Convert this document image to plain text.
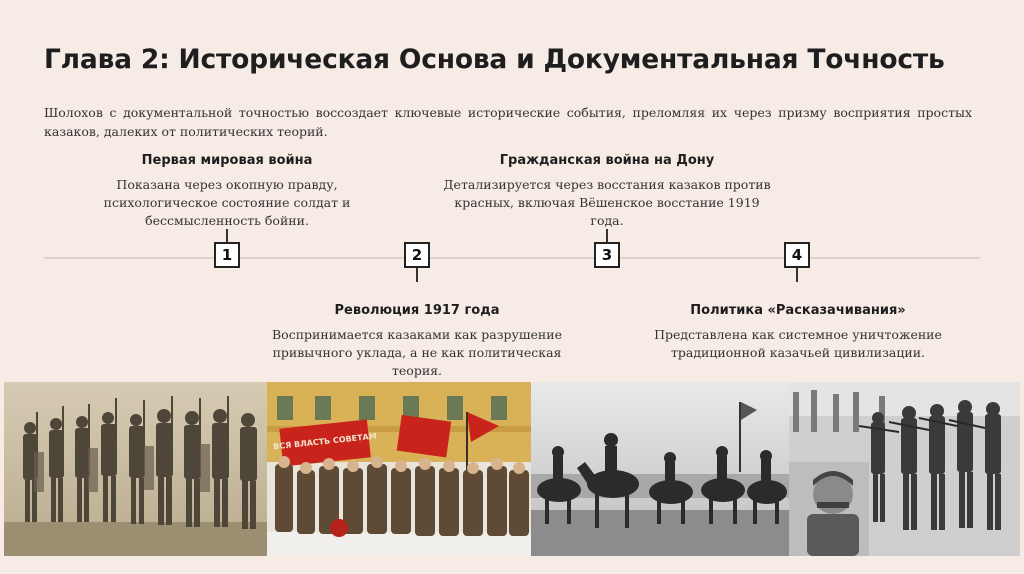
Глава 2: Историческая Основа и Документальная Точность
Шолохов с документальной точностью воссоздает ключевые исторические события, преломляя их через призму восприятия простых казаков, далеких от политических теорий.
Первая мировая война

Показана через окопную правду, психологическое состояние солдат и бессмысленность бойни.

1	2
Революция 1917 года

Воспринимается казаками как разрушение привычного уклада, а не как политическая теория.

Гражданская война на Дону

Детализируется через восстания казаков против красных, включая Вёшенское восстание 1919 года.

3	4
Политика «Расказачивания»

Представлена как системное уничтожение традиционной казачьей цивилизации.

ВСЯ ВЛАСТЬ СОВЕТАМ
